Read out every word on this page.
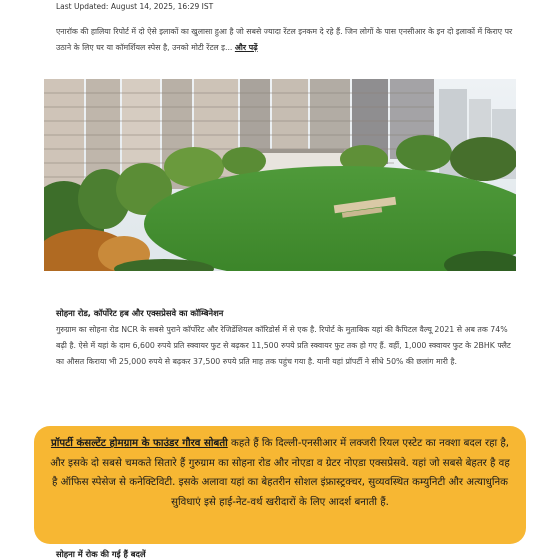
Last Updated: August 14, 2025, 16:29 IST
एनारॉक की हालिया रिपोर्ट में दो ऐसे इलाकों का खुलासा हुआ है जो सबसे ज्यादा रेंटल इनकम दे रहे हैं. जिन लोगों के पास एनसीआर के इन दो इलाकों में किराए पर उठाने के लिए घर या कॉमर्शियल स्पेस है, उनको मोटी रेंटल इ... और पढ़ें
सोहना रोड, कॉर्पोरेट हब और एक्सप्रेसवे का कॉम्बिनेशन
गुरुग्राम का सोहना रोड NCR के सबसे पुराने कॉर्पोरेट और रेजिडेंशियल कॉरिडोर्स में से एक है. रिपोर्ट के मुताबिक यहां की कैपिटल वैल्यू 2021 से अब तक 74% बढ़ी है. ऐसे में यहां के दाम 6,600 रुपये प्रति स्क्वायर फुट से बढ़कर 11,500 रुपये प्रति स्क्वायर फुट तक हो गए हैं. वहीं, 1,000 स्क्वायर फुट के 2BHK फ्लैट का औसत किराया भी 25,000 रुपये से बढ़कर 37,500 रुपये प्रति माह तक पहुंच गया है. यानी यहां प्रॉपर्टी ने सीधे 50% की छलांग मारी है.
प्रॉपर्टी कंसल्टेंट होमग्राम के फाउंडर गौरव सोबती कहते हैं कि दिल्ली-एनसीआर में लक्जरी रियल एस्टेट का नक्शा बदल रहा है, और इसके दो सबसे चमकते सितारे हैं गुरुग्राम का सोहना रोड और नोएडा व ग्रेटर नोएडा एक्सप्रेसवे. यहां जो सबसे बेहतर है वह है ऑफिस स्पेसेज से कनेक्टिविटी. इसके अलावा यहां का बेहतरीन सोशल इंफ्रास्ट्रक्चर, सुव्यवस्थित कम्युनिटी और अत्याधुनिक सुविधाएं इसे हाई-नेट-वर्थ खरीदारों के लिए आदर्श बनाती हैं.
सोहना में रोक की गई हैं बदलें
